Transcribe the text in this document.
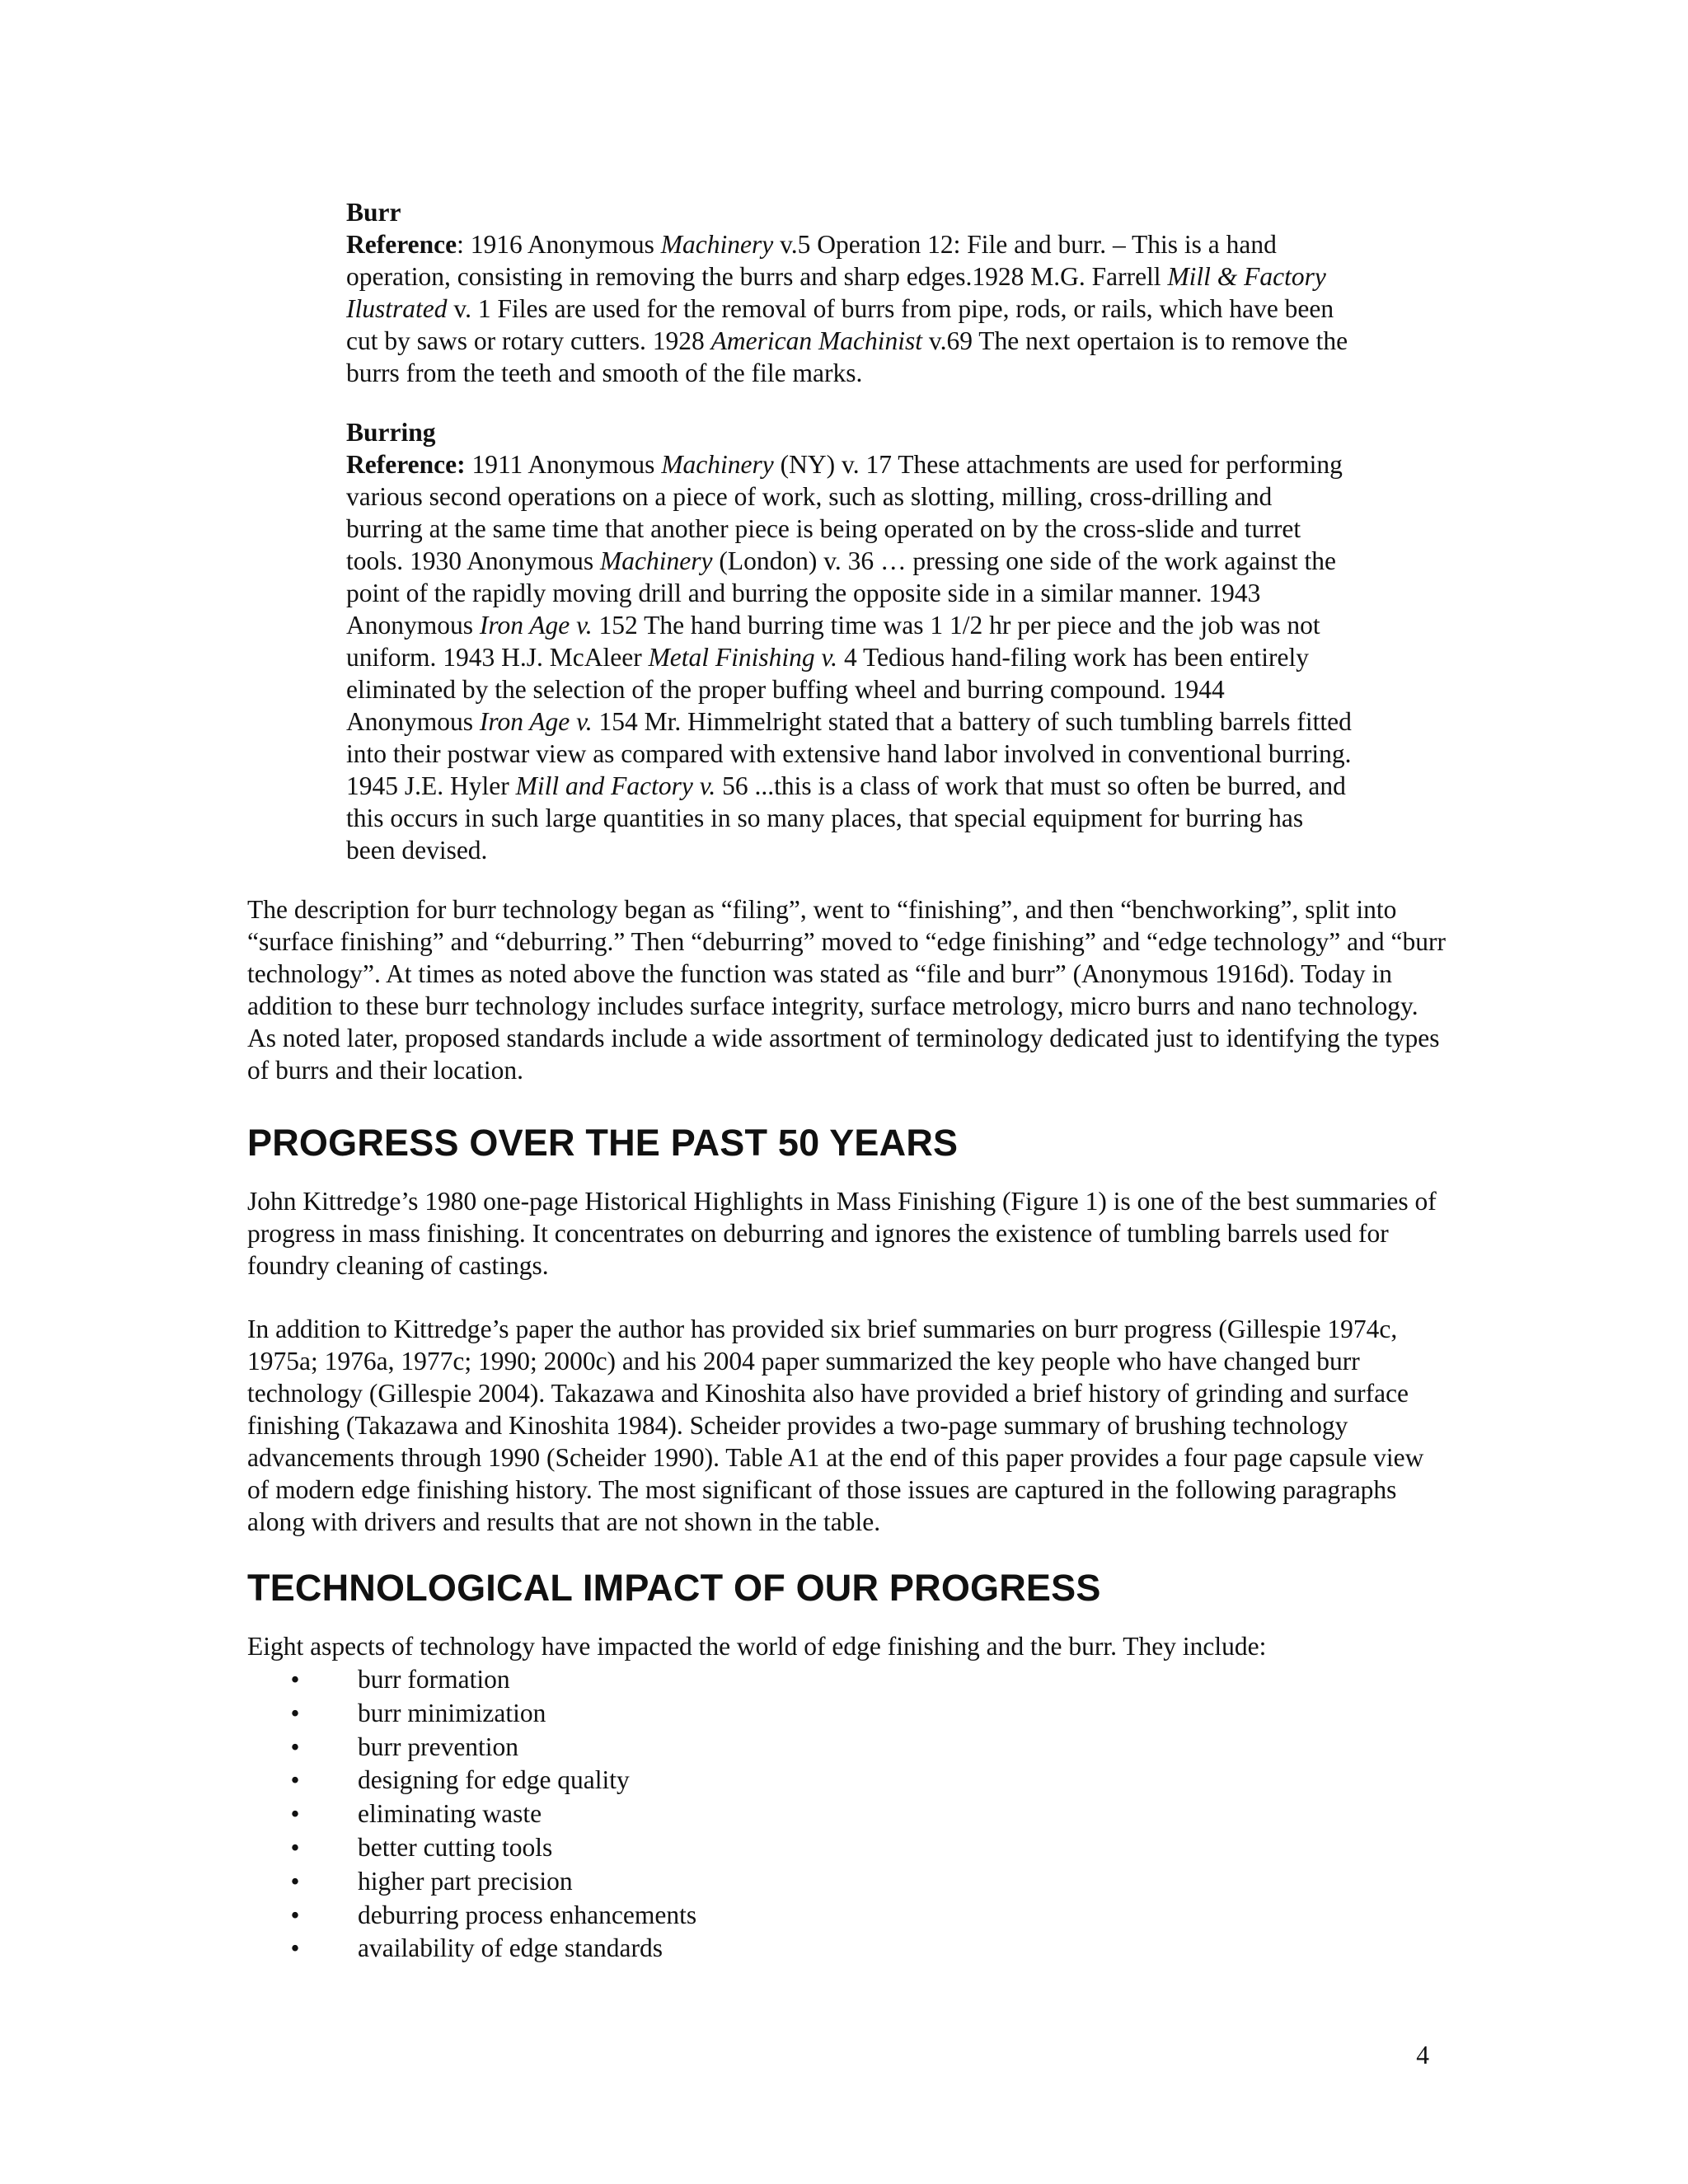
Burr

Reference: 1916 Anonymous Machinery v.5 Operation 12: File and burr. – This is a hand operation, consisting in removing the burrs and sharp edges.1928 M.G. Farrell Mill & Factory Ilustrated v. 1 Files are used for the removal of burrs from pipe, rods, or rails, which have been cut by saws or rotary cutters. 1928 American Machinist v.69 The next opertaion is to remove the burrs from the teeth and smooth of the file marks.

Burring

Reference: 1911 Anonymous Machinery (NY) v. 17 These attachments are used for performing various second operations on a piece of work, such as slotting, milling, cross-drilling and burring at the same time that another piece is being operated on by the cross-slide and turret tools. 1930 Anonymous Machinery (London) v. 36 … pressing one side of the work against the point of the rapidly moving drill and burring the opposite side in a similar manner. 1943 Anonymous Iron Age v. 152 The hand burring time was 1 1/2 hr per piece and the job was not uniform. 1943 H.J. McAleer Metal Finishing v. 4 Tedious hand-filing work has been entirely eliminated by the selection of the proper buffing wheel and burring compound. 1944 Anonymous Iron Age v. 154 Mr. Himmelright stated that a battery of such tumbling barrels fitted into their postwar view as compared with extensive hand labor involved in conventional burring. 1945 J.E. Hyler Mill and Factory v. 56 ...this is a class of work that must so often be burred, and this occurs in such large quantities in so many places, that special equipment for burring has been devised.

The description for burr technology began as “filing”, went to “finishing”, and then “benchworking”, split into “surface finishing” and “deburring.” Then “deburring” moved to “edge finishing” and “edge technology” and “burr technology”. At times as noted above the function was stated as “file and burr” (Anonymous 1916d). Today in addition to these burr technology includes surface integrity, surface metrology, micro burrs and nano technology. As noted later, proposed standards include a wide assortment of terminology dedicated just to identifying the types of burrs and their location.

PROGRESS OVER THE PAST 50 YEARS

John Kittredge’s 1980 one-page Historical Highlights in Mass Finishing (Figure 1) is one of the best summaries of progress in mass finishing. It concentrates on deburring and ignores the existence of tumbling barrels used for foundry cleaning of castings.

In addition to Kittredge’s paper the author has provided six brief summaries on burr progress (Gillespie 1974c, 1975a; 1976a, 1977c; 1990; 2000c) and his 2004 paper summarized the key people who have changed burr technology (Gillespie 2004). Takazawa and Kinoshita also have provided a brief history of grinding and surface finishing (Takazawa and Kinoshita 1984). Scheider provides a two-page summary of brushing technology advancements through 1990 (Scheider 1990). Table A1 at the end of this paper provides a four page capsule view of modern edge finishing history. The most significant of those issues are captured in the following paragraphs along with drivers and results that are not shown in the table.

TECHNOLOGICAL IMPACT OF OUR PROGRESS

Eight aspects of technology have impacted the world of edge finishing and the burr. They include:

•	burr formation
•	burr minimization
•	burr prevention
•	designing for edge quality
•	eliminating waste
•	better cutting tools
•	higher part precision
•	deburring process enhancements
•	availability of edge standards
4
